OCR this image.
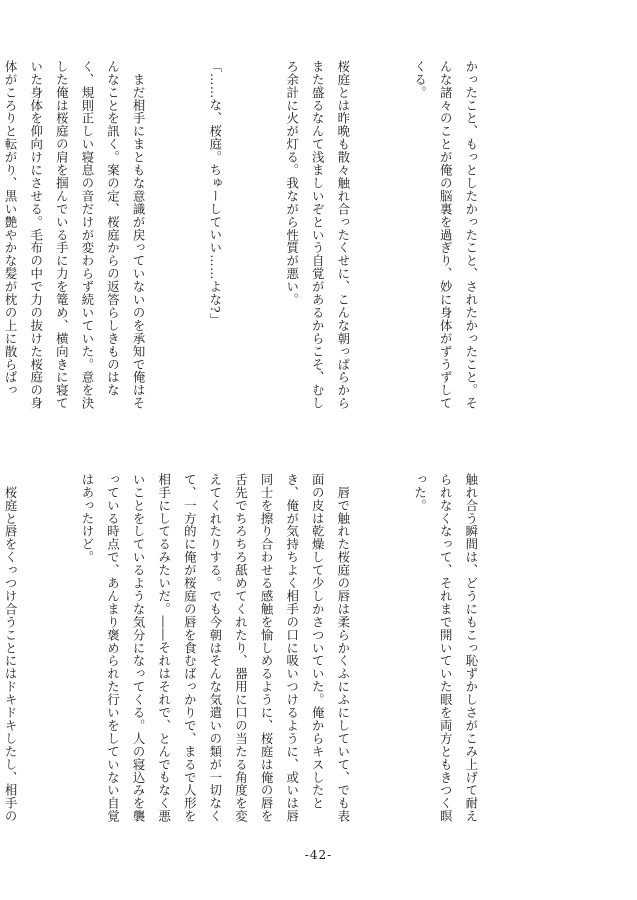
かったこと、もっとしたかったこと、されたかったこと。そんな諸々のことが俺の脳裏を過ぎり、妙に身体がずうずしてくる。

桜庭とは昨晩も散々触れ合ったくせに、こんな朝っぱらからまた盛るなんて浅ましいぞという自覚があるからこそ、むしろ余計に火が灯る。我ながら性質が悪い。

「……な、桜庭。ちゅーしていい……よな?」

　まだ相手にまともな意識が戻っていないのを承知で俺はそんなことを訊く。案の定、桜庭からの返答らしきものはなく、規則正しい寝息の音だけが変わらず続いていた。意を決した俺は桜庭の肩を掴んでいる手に力を篭め、横向きに寝ていた身体を仰向けにさせる。毛布の中で力の抜けた桜庭の身体がころりと転がり、黒い艶やかな髪が枕の上に散らばっ

触れ合う瞬間は、どうにもこっ恥ずかしさがこみ上げて耐えられなくなって、それまで開いていた眼を両方ともきつく瞑った。

　唇で触れた桜庭の唇は柔らかくふにふにしていて、でも表面の皮は乾燥して少しかさついていた。俺からキスしたとき、俺が気持ちよく相手の口に吸いつけるように、或いは唇同士を擦り合わせる感触を愉しめるように、桜庭は俺の唇を舌先でちろちろ舐めてくれたり、器用に口の当たる角度を変えてくれたりする。でも今朝はそんな気遣いの類が一切なくて、一方的に俺が桜庭の唇を食むばっかりで、まるで人形を相手にしてるみたいだ。――それはそれで、とんでもなく悪いことをしているような気分になってくる。人の寝込みを襲っている時点で、あんまり褒められた行いをしていない自覚はあったけど。

　桜庭と唇をくっつけ合うことにはドキドキしたし、相手の

-42-
